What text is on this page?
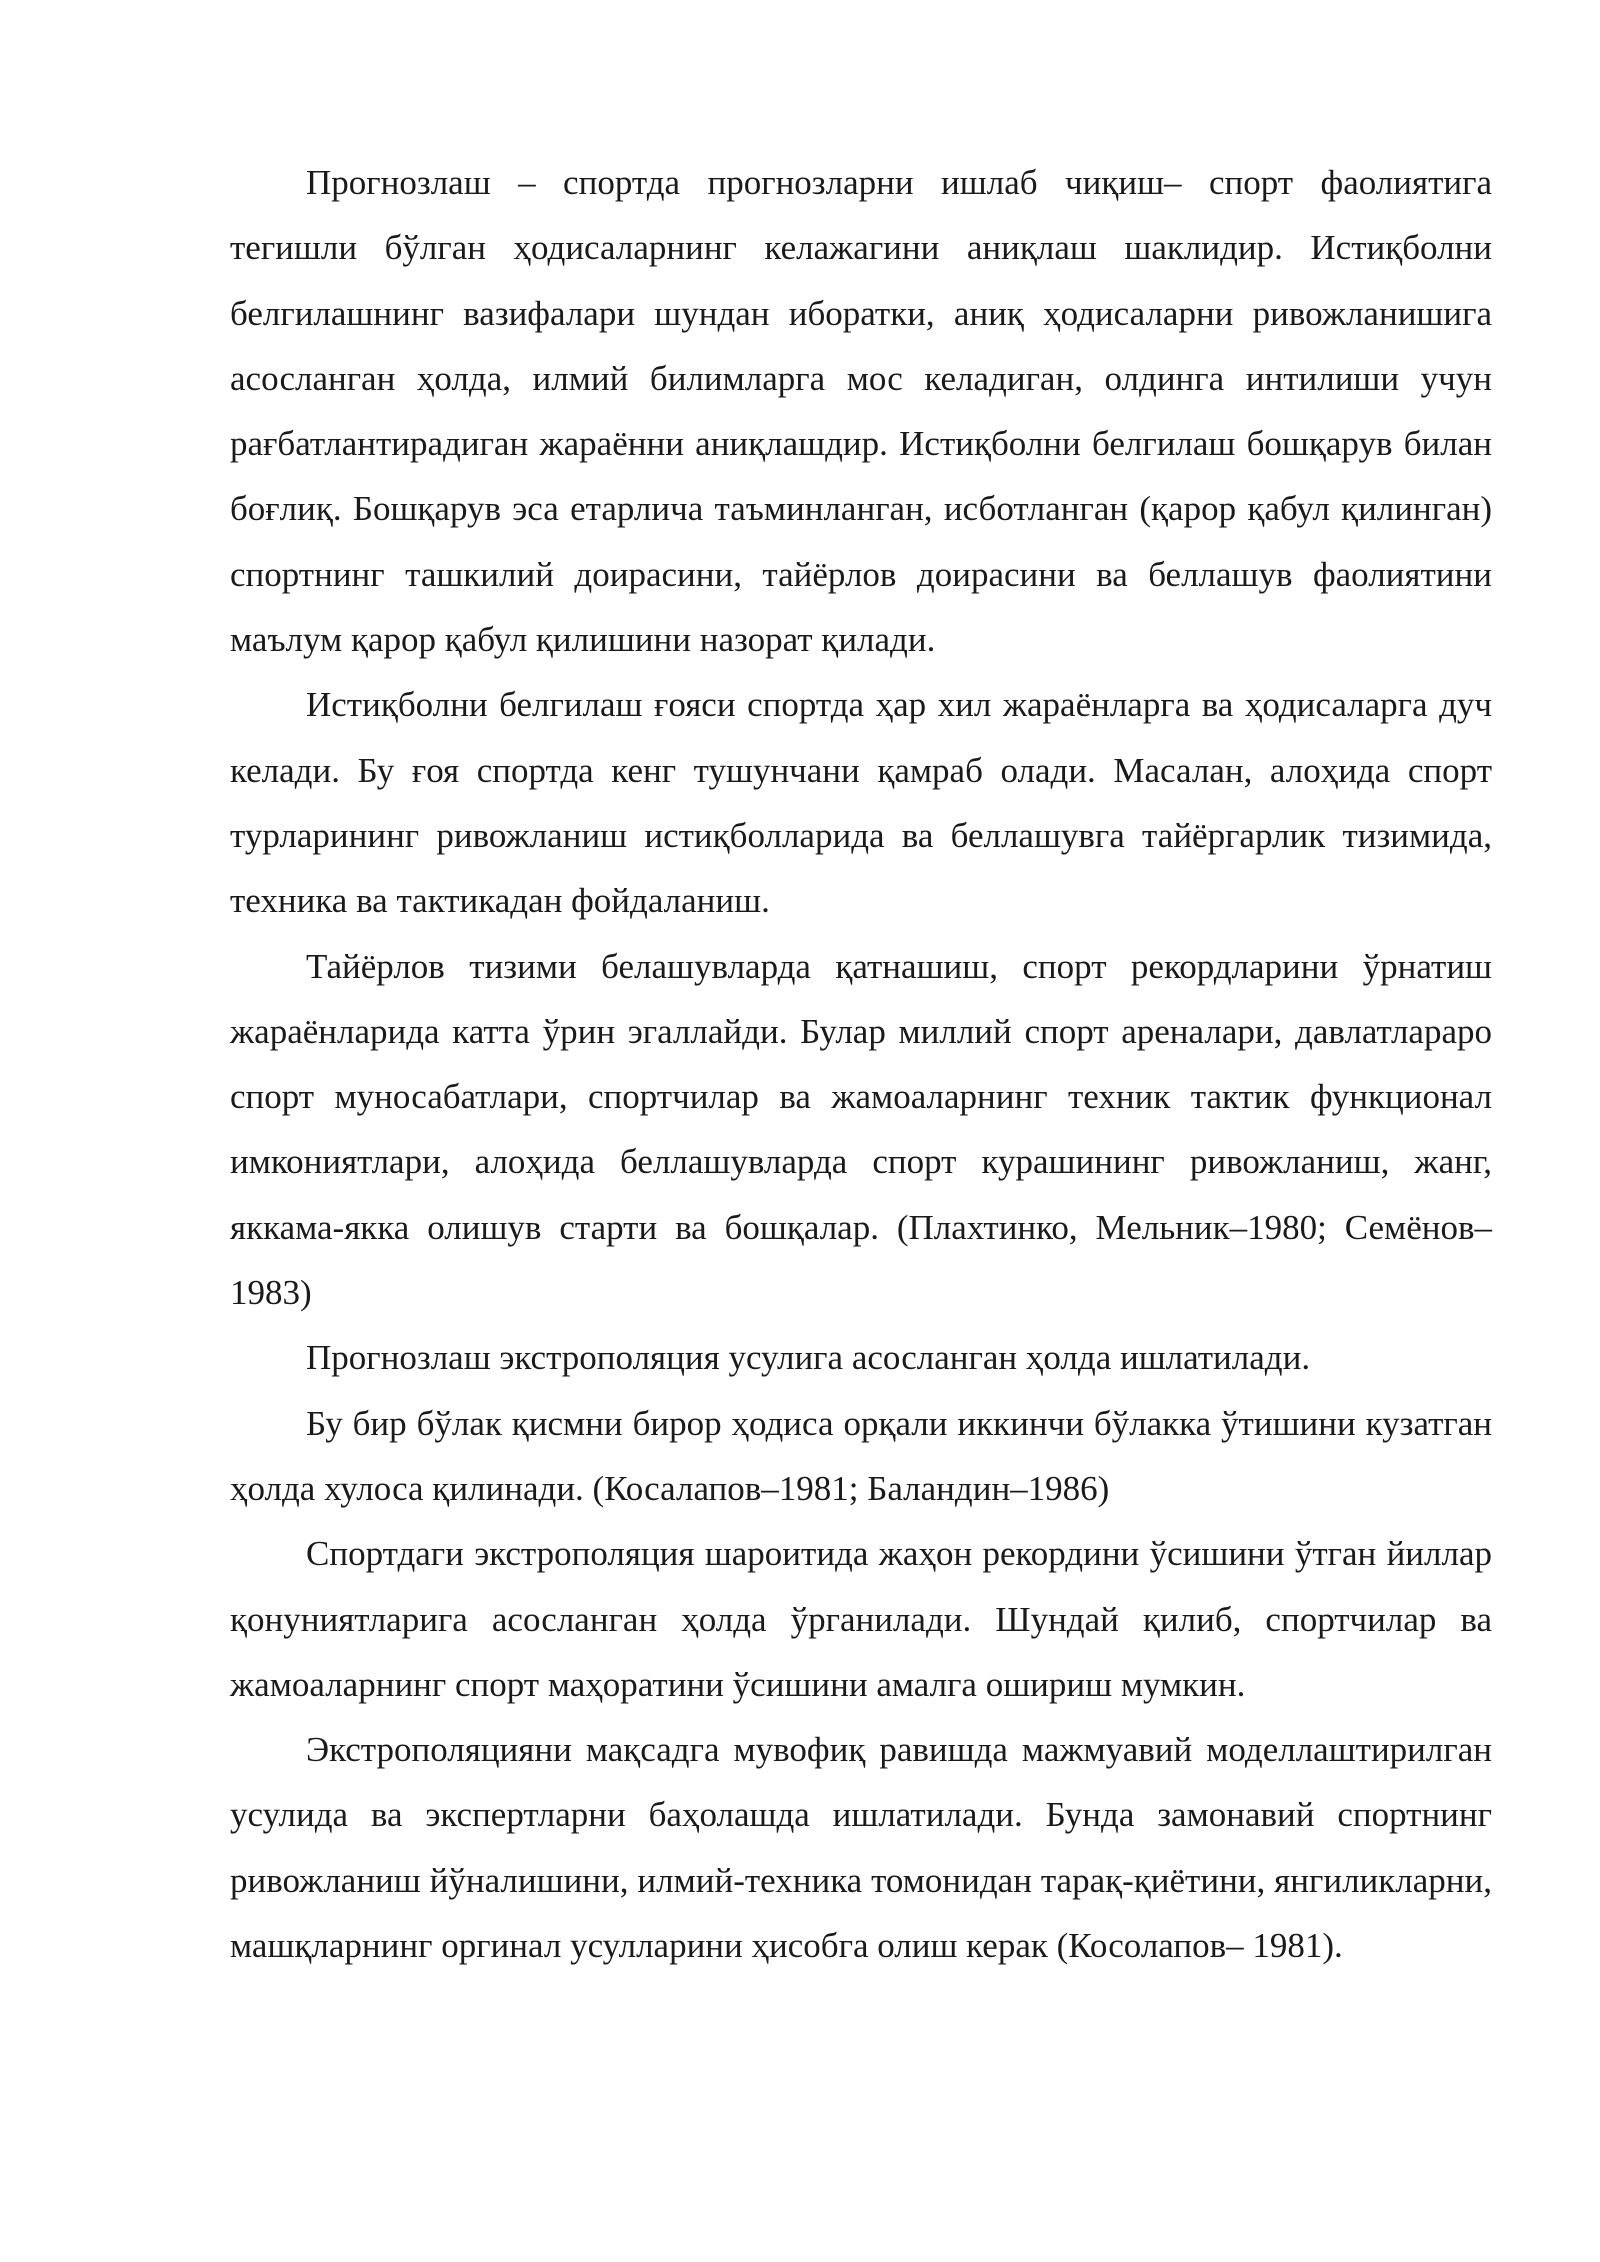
Прогнозлаш – спортда прогнозларни ишлаб чиқиш– спорт фаолиятига тегишли бўлган ҳодисаларнинг келажагини аниқлаш шаклидир. Истиқболни белгилашнинг вазифалари шундан иборатки, аниқ ҳодисаларни ривожланишига асосланган ҳолда, илмий билимларга мос келадиган, олдинга интилиши учун рағбатлантирадиган жараённи аниқлашдир. Истиқболни белгилаш бошқарув билан боғлиқ. Бошқарув эса етарлича таъминланган, исботланган (қарор қабул қилинган) спортнинг ташкилий доирасини, тайёрлов доирасини ва беллашув фаолиятини маълум қарор қабул қилишини назорат қилади.

Истиқболни белгилаш ғояси спортда ҳар хил жараёнларга ва ҳодисаларга дуч келади. Бу ғоя спортда кенг тушунчани қамраб олади. Масалан, алоҳида спорт турларининг ривожланиш истиқболларида ва беллашувга тайёргарлик тизимида, техника ва тактикадан фойдаланиш.

Тайёрлов тизими белашувларда қатнашиш, спорт рекордларини ўрнатиш жараёнларида катта ўрин эгаллайди. Булар миллий спорт ареналари, давлатлараро спорт муносабатлари, спортчилар ва жамоаларнинг техник тактик функционал имкониятлари, алоҳида беллашувларда спорт курашининг ривожланиш, жанг, яккама-якка олишув старти ва бошқалар. (Плахтинко, Мельник–1980; Семёнов–1983)

Прогнозлаш экстрополяция усулига асосланган ҳолда ишлатилади.

Бу бир бўлак қисмни бирор ҳодиса орқали иккинчи бўлакка ўтишини кузатган ҳолда хулоса қилинади. (Косалапов–1981; Баландин–1986)

Спортдаги экстрополяция шароитида жаҳон рекордини ўсишини ўтган йиллар қонуниятларига асосланган ҳолда ўрганилади. Шундай қилиб, спортчилар ва жамоаларнинг спорт маҳоратини ўсишини амалга ошириш мумкин.

Экстрополяцияни мақсадга мувофиқ равишда мажмуавий моделлаштирилган усулида ва экспертларни баҳолашда ишлатилади. Бунда замонавий спортнинг ривожланиш йўналишини, илмий-техника томонидан тарақ-қиётини, янгиликларни, машқларнинг оргинал усулларини ҳисобга олиш керак (Косолапов– 1981).
